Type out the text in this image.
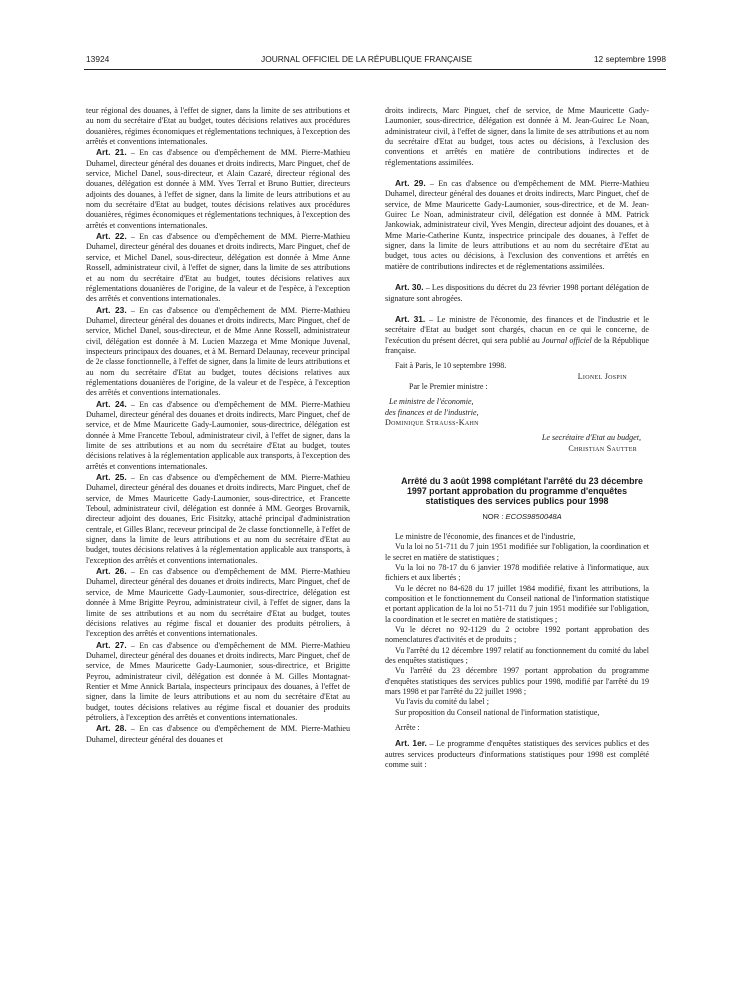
13924	JOURNAL OFFICIEL DE LA RÉPUBLIQUE FRANÇAISE	12 septembre 1998

teur régional des douanes, à l'effet de signer, dans la limite de ses attributions et au nom du secrétaire d'Etat au budget, toutes décisions relatives aux procédures douanières, régimes économiques et réglementations techniques, à l'exception des arrêtés et conventions internationales.

Art. 21. – En cas d'absence ou d'empêchement de MM. Pierre-Mathieu Duhamel, directeur général des douanes et droits indirects, Marc Pinguet, chef de service, Michel Danel, sous-directeur, et Alain Cazaré, directeur régional des douanes, délégation est donnée à MM. Yves Terral et Bruno Buttier, directeurs adjoints des douanes, à l'effet de signer, dans la limite de leurs attributions et au nom du secrétaire d'Etat au budget, toutes décisions relatives aux procédures douanières, régimes économiques et réglementations techniques, à l'exception des arrêtés et conventions internationales.

Art. 22. – En cas d'absence ou d'empêchement de MM. Pierre-Mathieu Duhamel, directeur général des douanes et droits indirects, Marc Pinguet, chef de service, et Michel Danel, sous-directeur, délégation est donnée à Mme Anne Rossell, administrateur civil, à l'effet de signer, dans la limite de ses attributions et au nom du secrétaire d'Etat au budget, toutes décisions relatives aux réglementations douanières de l'origine, de la valeur et de l'espèce, à l'exception des arrêtés et conventions internationales.

Art. 23. – En cas d'absence ou d'empêchement de MM. Pierre-Mathieu Duhamel, directeur général des douanes et droits indirects, Marc Pinguet, chef de service, Michel Danel, sous-directeur, et de Mme Anne Rossell, administrateur civil, délégation est donnée à M. Lucien Mazzega et Mme Monique Juvenal, inspecteurs principaux des douanes, et à M. Bernard Delaunay, receveur principal de 2e classe fonctionnelle, à l'effet de signer, dans la limite de leurs attributions et au nom du secrétaire d'Etat au budget, toutes décisions relatives aux réglementations douanières de l'origine, de la valeur et de l'espèce, à l'exception des arrêtés et conventions internationales.

Art. 24. – En cas d'absence ou d'empêchement de MM. Pierre-Mathieu Duhamel, directeur général des douanes et droits indirects, Marc Pinguet, chef de service, et de Mme Mauricette Gady-Laumonier, sous-directrice, délégation est donnée à Mme Francette Teboul, administrateur civil, à l'effet de signer, dans la limite de ses attributions et au nom du secrétaire d'Etat au budget, toutes décisions relatives à la réglementation applicable aux transports, à l'exception des arrêtés et conventions internationales.

Art. 25. – En cas d'absence ou d'empêchement de MM. Pierre-Mathieu Duhamel, directeur général des douanes et droits indirects, Marc Pinguet, chef de service, de Mmes Mauricette Gady-Laumonier, sous-directrice, et Francette Teboul, administrateur civil, délégation est donnée à MM. Georges Brovarnik, directeur adjoint des douanes, Eric Fisitzky, attaché principal d'administration centrale, et Gilles Blanc, receveur principal de 2e classe fonctionnelle, à l'effet de signer, dans la limite de leurs attributions et au nom du secrétaire d'Etat au budget, toutes décisions relatives à la réglementation applicable aux transports, à l'exception des arrêtés et conventions internationales.

Art. 26. – En cas d'absence ou d'empêchement de MM. Pierre-Mathieu Duhamel, directeur général des douanes et droits indirects, Marc Pinguet, chef de service, de Mme Mauricette Gady-Laumonier, sous-directrice, délégation est donnée à Mme Brigitte Peyrou, administrateur civil, à l'effet de signer, dans la limite de ses attributions et au nom du secrétaire d'Etat au budget, toutes décisions relatives au régime fiscal et douanier des produits pétroliers, à l'exception des arrêtés et conventions internationales.

Art. 27. – En cas d'absence ou d'empêchement de MM. Pierre-Mathieu Duhamel, directeur général des douanes et droits indirects, Marc Pinguet, chef de service, de Mmes Mauricette Gady-Laumonier, sous-directrice, et Brigitte Peyrou, administrateur civil, délégation est donnée à M. Gilles Montagnat-Rentier et Mme Annick Bartala, inspecteurs principaux des douanes, à l'effet de signer, dans la limite de leurs attributions et au nom du secrétaire d'Etat au budget, toutes décisions relatives au régime fiscal et douanier des produits pétroliers, à l'exception des arrêtés et conventions internationales.

Art. 28. – En cas d'absence ou d'empêchement de MM. Pierre-Mathieu Duhamel, directeur général des douanes et

droits indirects, Marc Pinguet, chef de service, de Mme Mauricette Gady-Laumonier, sous-directrice, délégation est donnée à M. Jean-Guirec Le Noan, administrateur civil, à l'effet de signer, dans la limite de ses attributions et au nom du secrétaire d'Etat au budget, tous actes ou décisions, à l'exclusion des conventions et arrêtés en matière de contributions indirectes et de réglementations assimilées.

Art. 29. – En cas d'absence ou d'empêchement de MM. Pierre-Mathieu Duhamel, directeur général des douanes et droits indirects, Marc Pinguet, chef de service, de Mme Mauricette Gady-Laumonier, sous-directrice, et de M. Jean-Guirec Le Noan, administrateur civil, délégation est donnée à MM. Patrick Jankowiak, administrateur civil, Yves Mengin, directeur adjoint des douanes, et à Mme Marie-Catherine Kuntz, inspectrice principale des douanes, à l'effet de signer, dans la limite de leurs attributions et au nom du secrétaire d'Etat au budget, tous actes ou décisions, à l'exclusion des conventions et arrêtés en matière de contributions indirectes et de réglementations assimilées.

Art. 30. – Les dispositions du décret du 23 février 1998 portant délégation de signature sont abrogées.

Art. 31. – Le ministre de l'économie, des finances et de l'industrie et le secrétaire d'Etat au budget sont chargés, chacun en ce qui le concerne, de l'exécution du présent décret, qui sera publié au Journal officiel de la République française.

Fait à Paris, le 10 septembre 1998.

Lionel Jospin

Par le Premier ministre :

Le ministre de l'économie,

des finances et de l'industrie,

Dominique Strauss-Kahn

Le secrétaire d'Etat au budget,

Christian Sautter

Arrêté du 3 août 1998 complétant l'arrêté du 23 décembre 1997 portant approbation du programme d'enquêtes statistiques des services publics pour 1998

NOR : ECOS9850048A

Le ministre de l'économie, des finances et de l'industrie,

Vu la loi no 51-711 du 7 juin 1951 modifiée sur l'obligation, la coordination et le secret en matière de statistiques ;

Vu la loi no 78-17 du 6 janvier 1978 modifiée relative à l'informatique, aux fichiers et aux libertés ;

Vu le décret no 84-628 du 17 juillet 1984 modifié, fixant les attributions, la composition et le fonctionnement du Conseil national de l'information statistique et portant application de la loi no 51-711 du 7 juin 1951 modifiée sur l'obligation, la coordination et le secret en matière de statistiques ;

Vu le décret no 92-1129 du 2 octobre 1992 portant approbation des nomenclatures d'activités et de produits ;

Vu l'arrêté du 12 décembre 1997 relatif au fonctionnement du comité du label des enquêtes statistiques ;

Vu l'arrêté du 23 décembre 1997 portant approbation du programme d'enquêtes statistiques des services publics pour 1998, modifié par l'arrêté du 19 mars 1998 et par l'arrêté du 22 juillet 1998 ;

Vu l'avis du comité du label ;

Sur proposition du Conseil national de l'information statistique,

Arrête :

Art. 1er. – Le programme d'enquêtes statistiques des services publics et des autres services producteurs d'informations statistiques pour 1998 est complété comme suit :
